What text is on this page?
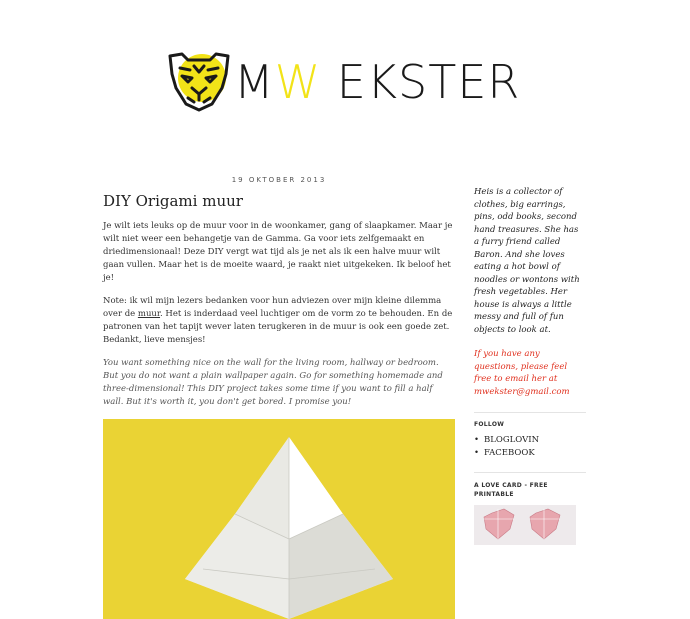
MW EKSTER
19 OKTOBER 2013
DIY Origami muur

Je wilt iets leuks op de muur voor in de woonkamer, gang of slaapkamer. Maar je wilt niet weer een behangetje van de Gamma. Ga voor iets zelfgemaakt en driedimensionaal! Deze DIY vergt wat tijd als je net als ik een halve muur wilt gaan vullen. Maar het is de moeite waard, je raakt niet uitgekeken. Ik beloof het je!

Note: ik wil mijn lezers bedanken voor hun adviezen over mijn kleine dilemma over de muur. Het is inderdaad veel luchtiger om de vorm zo te behouden. En de patronen van het tapijt wever laten terugkeren in de muur is ook een goede zet. Bedankt, lieve mensjes!

You want something nice on the wall for the living room, hallway or bedroom. But you do not want a plain wallpaper again. Go for something homemade and three-dimensional! This DIY project takes some time if you want to fill a half wall. But it's worth it, you don't get bored. I promise you!

Heis is a collector of clothes, big earrings, pins, odd books, second hand treasures. She has a furry friend called Baron. And she loves eating a hot bowl of noodles or wontons with fresh vegetables. Her house is always a little messy and full of fun objects to look at.

If you have any questions, please feel free to email her at mwekster@gmail.com

FOLLOW
• BLOGLOVIN
• FACEBOOK
A LOVE CARD - FREE PRINTABLE
